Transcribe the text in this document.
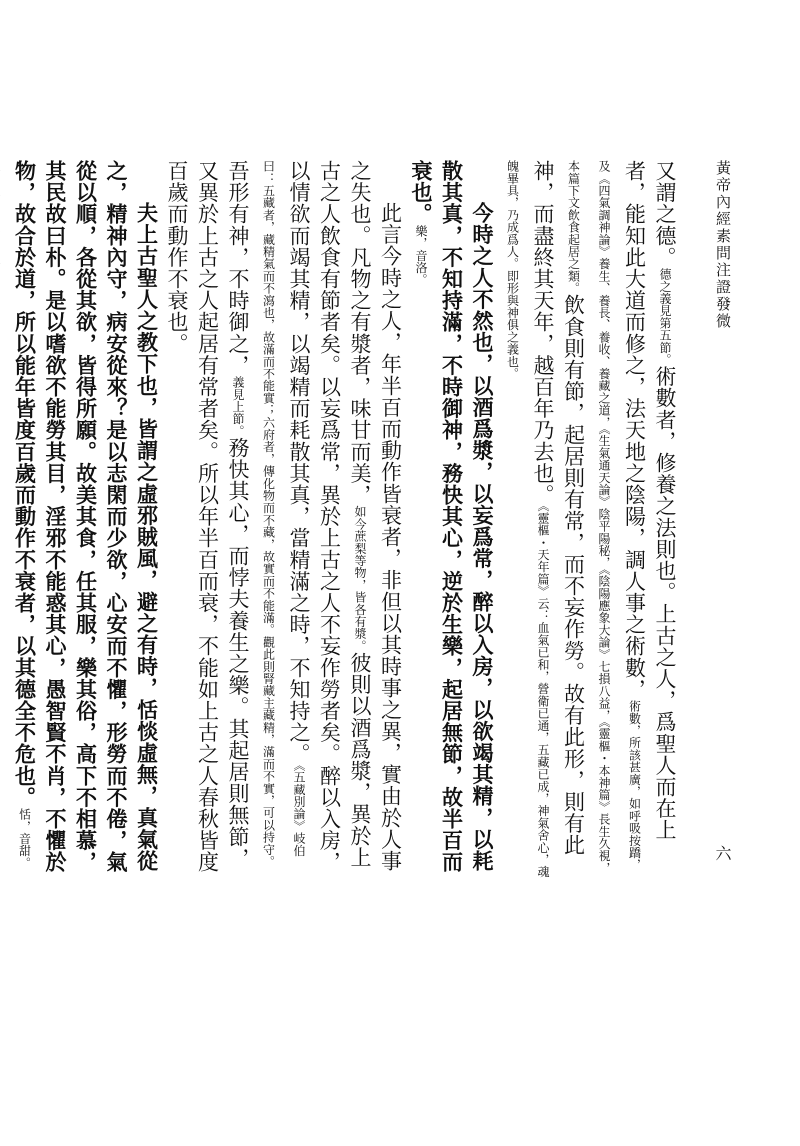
黃帝內經素問注證發微
六

又謂之德。德之義見第五節。術數者，修養之法則也。上古之人，爲聖人而在上者，能知此大道而修之，法天地之陰陽，調人事之術數，術數，所該甚廣，如呼吸按蹻，及《四氣調神論》養生、養長、養收、養藏之道，《生氣通天論》陰平陽秘，《陰陽應象大論》七損八益，《靈樞・本神篇》長生久視，本篇下文飲食起居之類。飲食則有節，起居則有常，而不妄作勞。故有此形，則有此神，而盡終其天年，越百年乃去也。《靈樞・天年篇》云：血氣已和，營衛已通，五藏已成，神氣舍心，魂魄畢具，乃成爲人。即形與神俱之義也。

今時之人不然也，以酒爲漿，以妄爲常，醉以入房，以欲竭其精，以耗散其真，不知持滿，不時御神，務快其心，逆於生樂，起居無節，故半百而衰也。樂，音洛。

此言今時之人，年半百而動作皆衰者，非但以其時事之異，實由於人事之失也。凡物之有漿者，味甘而美，如今蔗梨等物，皆各有漿。彼則以酒爲漿，異於上古之人飲食有節者矣。以妄爲常，異於上古之人不妄作勞者矣。醉以入房，以情欲而竭其精，以竭精而耗散其真，當精滿之時，不知持之。《五藏別論》岐伯曰：五藏者，藏精氣而不瀉也，故滿而不能實；六府者，傳化物而不藏，故實而不能滿。觀此則腎藏主藏精，滿而不實，可以持守。吾形有神，不時御之，義見上節。務快其心，而悖夫養生之樂。其起居則無節，又異於上古之人起居有常者矣。所以年半百而衰，不能如上古之人春秋皆度百歲而動作不衰也。

夫上古聖人之教下也，皆謂之虛邪賊風，避之有時，恬惔虛無，真氣從之，精神內守，病安從來？是以志閑而少欲，心安而不懼，形勞而不倦，氣從以順，各從其欲，皆得所願。故美其食，任其服，樂其俗，高下不相慕，其民故曰朴。是以嗜欲不能勞其目，淫邪不能惑其心，愚智賢不肖，不懼於物，故合於道，所以能年皆度百歲而動作不衰者，以其德全不危也。恬，音甜。
